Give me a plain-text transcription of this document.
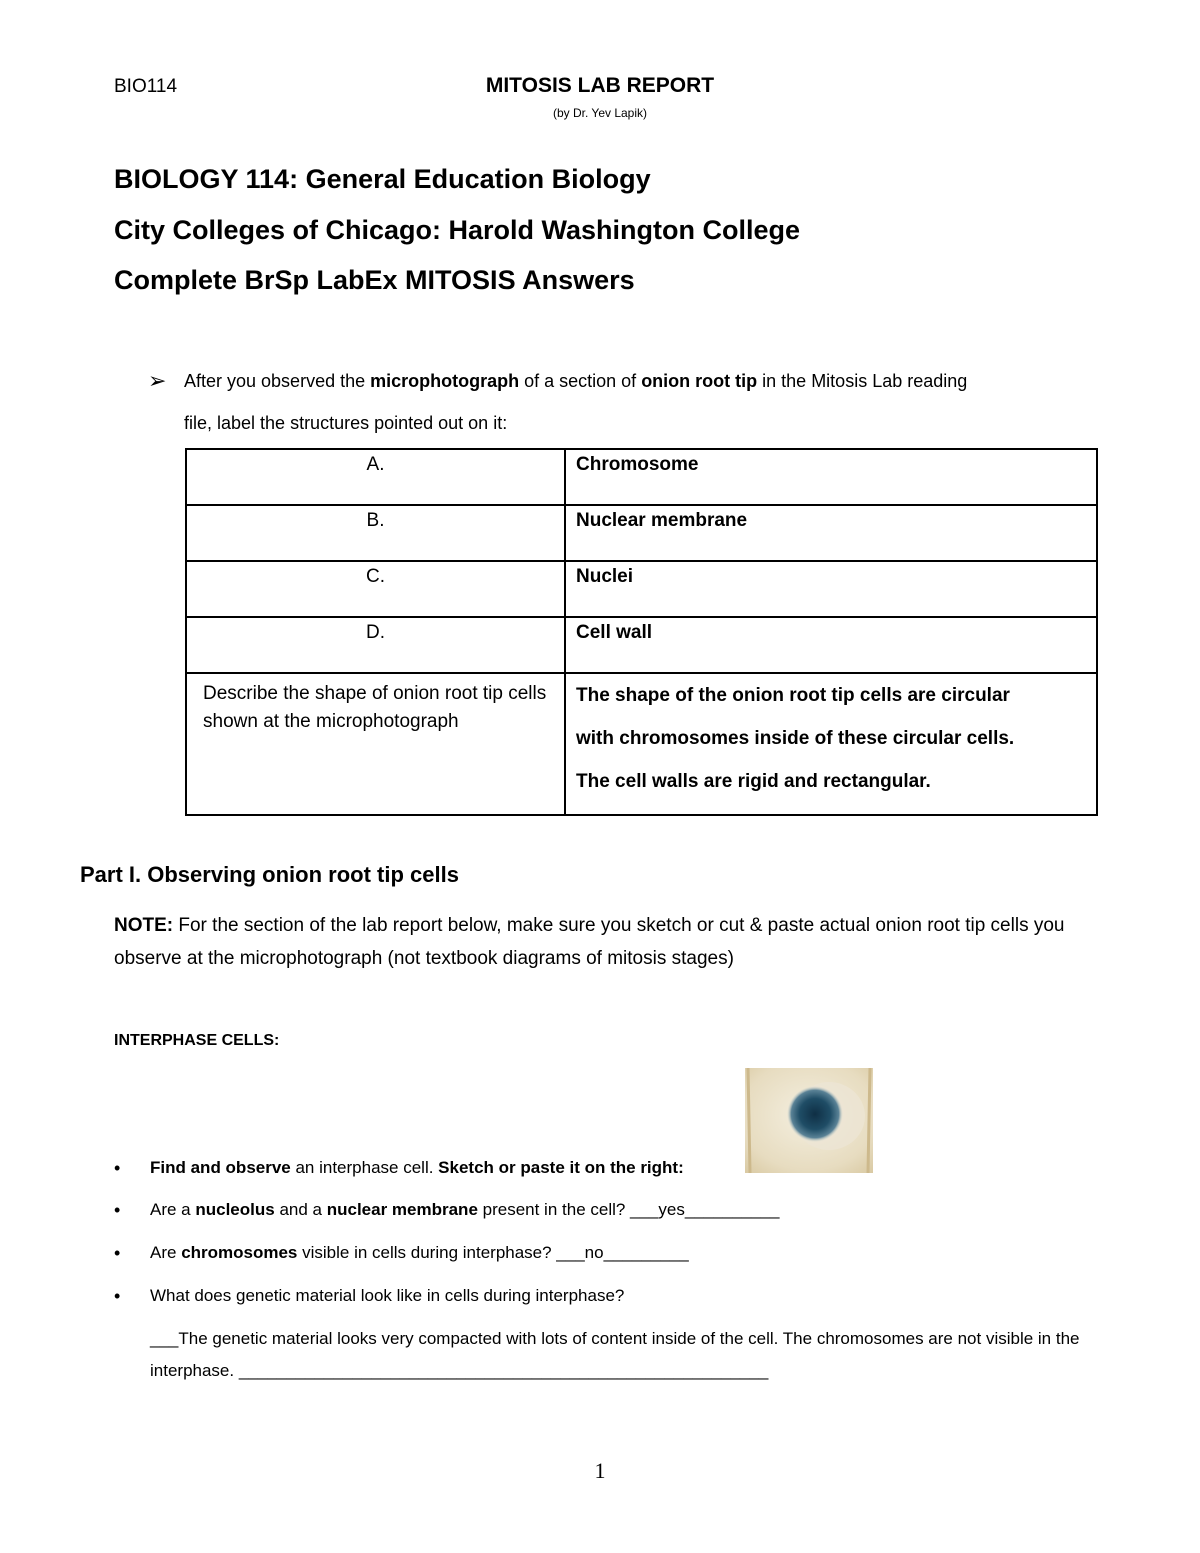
BIO114	MITOSIS LAB REPORT
(by Dr. Yev Lapik)
BIOLOGY 114: General Education Biology
City Colleges of Chicago: Harold Washington College
Complete BrSp LabEx MITOSIS Answers
➢ After you observed the microphotograph of a section of onion root tip in the Mitosis Lab reading
file, label the structures pointed out on it:
A.	Chromosome
B.	Nuclear membrane
C.	Nuclei
D.	Cell wall
Describe the shape of onion root tip cells shown at the microphotograph	The shape of the onion root tip cells are circular
with chromosomes inside of these circular cells.
The cell walls are rigid and rectangular.
Part I. Observing onion root tip cells
NOTE: For the section of the lab report below, make sure you sketch or cut & paste actual onion root tip cells you observe at the microphotograph (not textbook diagrams of mitosis stages)
INTERPHASE CELLS:
• Find and observe an interphase cell. Sketch or paste it on the right:
• Are a nucleolus and a nuclear membrane present in the cell? ___yes__________
• Are chromosomes visible in cells during interphase? ___no_________
• What does genetic material look like in cells during interphase?
___The genetic material looks very compacted with lots of content inside of the cell. The chromosomes are not visible in the interphase. ________________________________________________________
1
